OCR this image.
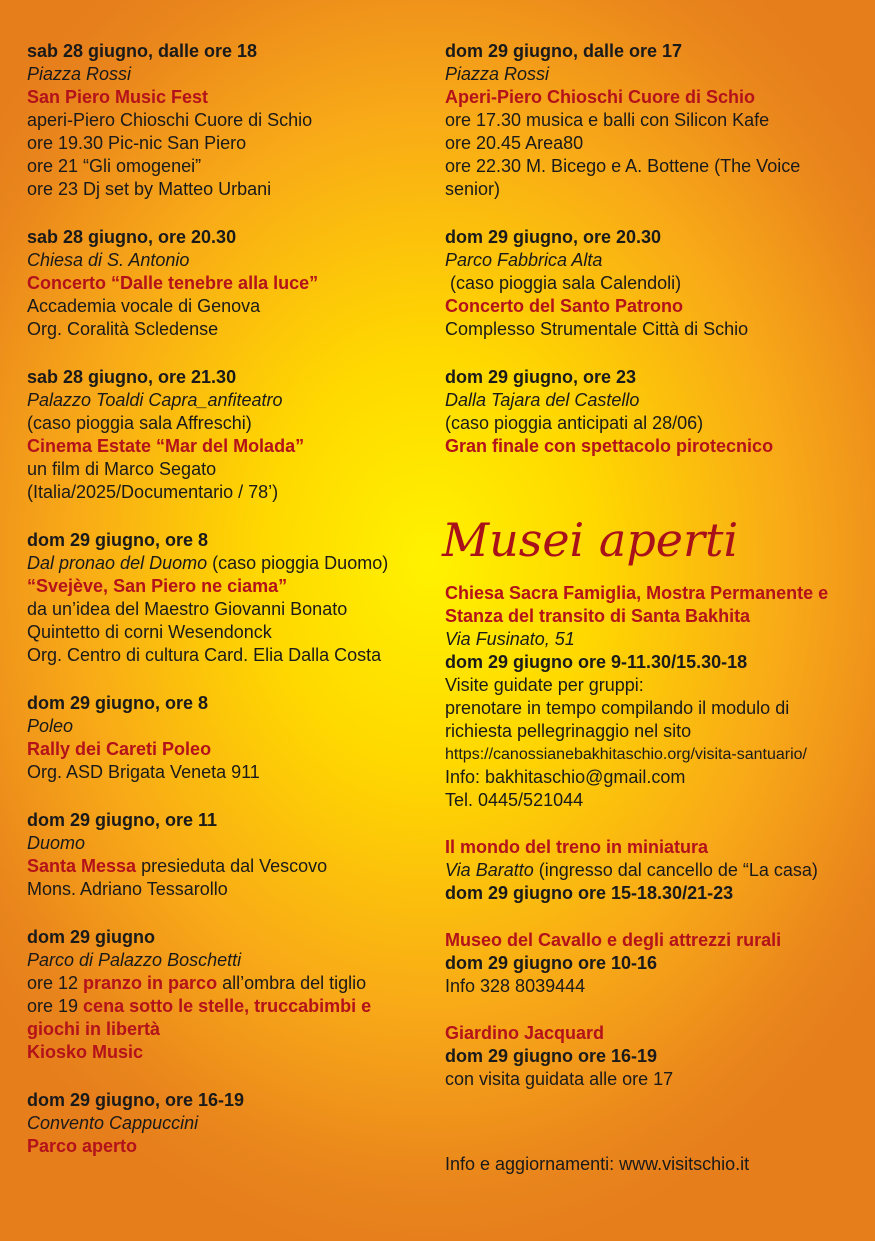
sab 28 giugno, dalle ore 18
Piazza Rossi
San Piero Music Fest
aperi-Piero Chioschi Cuore di Schio
ore 19.30 Pic-nic San Piero
ore 21 “Gli omogenei”
ore 23 Dj set by Matteo Urbani
sab 28 giugno, ore 20.30
Chiesa di S. Antonio
Concerto “Dalle tenebre alla luce”
Accademia vocale di Genova
Org. Coralità Scledense
sab 28 giugno, ore 21.30
Palazzo Toaldi Capra_anfiteatro
(caso pioggia sala Affreschi)
Cinema Estate “Mar del Molada”
un film di Marco Segato
(Italia/2025/Documentario / 78’)
dom 29 giugno, ore 8
Dal pronao del Duomo (caso pioggia Duomo)
“Svejève, San Piero ne ciama”
da un’idea del Maestro Giovanni Bonato
Quintetto di corni Wesendonck
Org. Centro di cultura Card. Elia Dalla Costa
dom 29 giugno, ore 8
Poleo
Rally dei Careti Poleo
Org. ASD Brigata Veneta 911
dom 29 giugno, ore 11
Duomo
Santa Messa presieduta dal Vescovo
Mons. Adriano Tessarollo
dom 29 giugno
Parco di Palazzo Boschetti
ore 12 pranzo in parco all’ombra del tiglio
ore 19 cena sotto le stelle, truccabimbi e giochi in libertà
Kiosko Music
dom 29 giugno, ore 16-19
Convento Cappuccini
Parco aperto
dom 29 giugno, dalle ore 17
Piazza Rossi
Aperi-Piero Chioschi Cuore di Schio
ore 17.30 musica e balli con Silicon Kafe
ore 20.45 Area80
ore 22.30 M. Bicego e A. Bottene (The Voice senior)
dom 29 giugno, ore 20.30
Parco Fabbrica Alta
(caso pioggia sala Calendoli)
Concerto del Santo Patrono
Complesso Strumentale Città di Schio
dom 29 giugno, ore 23
Dalla Tajara del Castello
(caso pioggia anticipati al 28/06)
Gran finale con spettacolo pirotecnico
Musei aperti
Chiesa Sacra Famiglia, Mostra Permanente e Stanza del transito di Santa Bakhita
Via Fusinato, 51
dom 29 giugno ore 9-11.30/15.30-18
Visite guidate per gruppi:
prenotare in tempo compilando il modulo di richiesta pellegrinaggio nel sito
https://canossianebakhitaschio.org/visita-santuario/
Info: bakhitaschio@gmail.com
Tel. 0445/521044
Il mondo del treno in miniatura
Via Baratto (ingresso dal cancello de “La casa)
dom 29 giugno ore 15-18.30/21-23
Museo del Cavallo e degli attrezzi rurali
dom 29 giugno ore 10-16
Info 328 8039444
Giardino Jacquard
dom 29 giugno ore 16-19
con visita guidata alle ore 17
Info e aggiornamenti: www.visitschio.it
